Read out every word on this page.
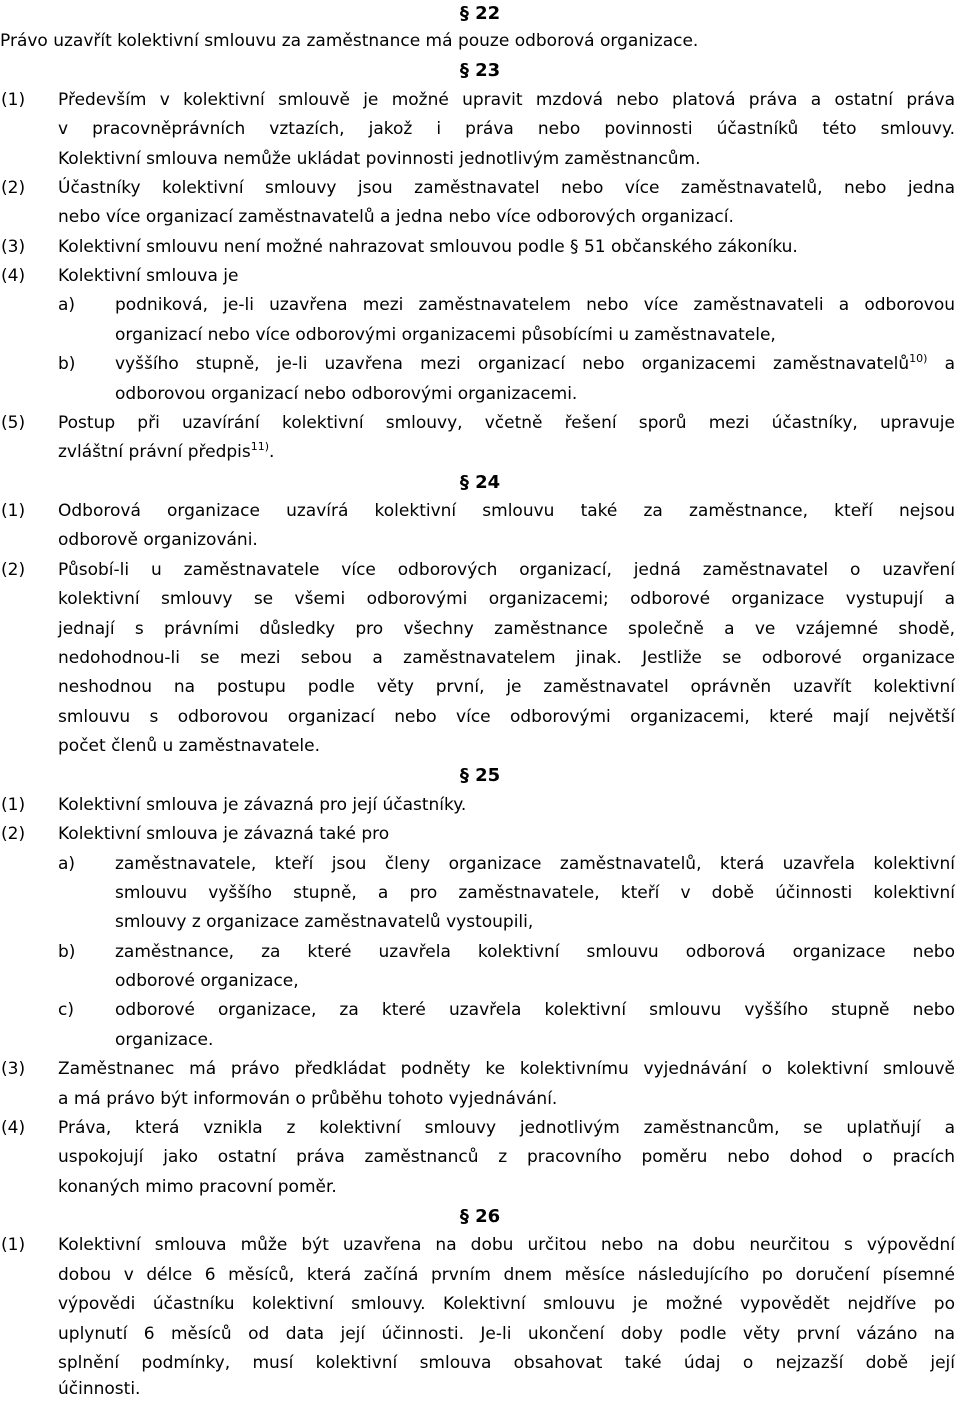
§ 22
Právo uzavřít kolektivní smlouvu za zaměstnance má pouze odborová organizace.
§ 23
(1) Především v kolektivní smlouvě je možné upravit mzdová nebo platová práva a ostatní práva
v pracovněprávních vztazích, jakož i práva nebo povinnosti účastníků této smlouvy.
Kolektivní smlouva nemůže ukládat povinnosti jednotlivým zaměstnancům.
(2) Účastníky kolektivní smlouvy jsou zaměstnavatel nebo více zaměstnavatelů, nebo jedna
nebo více organizací zaměstnavatelů a jedna nebo více odborových organizací.
(3) Kolektivní smlouvu není možné nahrazovat smlouvou podle § 51 občanského zákoníku.
(4) Kolektivní smlouva je
a) podniková, je-li uzavřena mezi zaměstnavatelem nebo více zaměstnavateli a odborovou
organizací nebo více odborovými organizacemi působícími u zaměstnavatele,
b) vyššího stupně, je-li uzavřena mezi organizací nebo organizacemi zaměstnavatelů$^{10)}$ a
odborovou organizací nebo odborovými organizacemi.
(5) Postup při uzavírání kolektivní smlouvy, včetně řešení sporů mezi účastníky, upravuje
zvláštní právní předpis$^{11)}$.
§ 24
(1) Odborová organizace uzavírá kolektivní smlouvu také za zaměstnance, kteří nejsou
odborově organizováni.
(2) Působí-li u zaměstnavatele více odborových organizací, jedná zaměstnavatel o uzavření
kolektivní smlouvy se všemi odborovými organizacemi; odborové organizace vystupují a
jednají s právními důsledky pro všechny zaměstnance společně a ve vzájemné shodě,
nedohodnou-li se mezi sebou a zaměstnavatelem jinak. Jestliže se odborové organizace
neshodnou na postupu podle věty první, je zaměstnavatel oprávněn uzavřít kolektivní
smlouvu s odborovou organizací nebo více odborovými organizacemi, které mají největší
počet členů u zaměstnavatele.
§ 25
(1) Kolektivní smlouva je závazná pro její účastníky.
(2) Kolektivní smlouva je závazná také pro
a) zaměstnavatele, kteří jsou členy organizace zaměstnavatelů, která uzavřela kolektivní
smlouvu vyššího stupně, a pro zaměstnavatele, kteří v době účinnosti kolektivní
smlouvy z organizace zaměstnavatelů vystoupili,
b) zaměstnance, za které uzavřela kolektivní smlouvu odborová organizace nebo
odborové organizace,
c) odborové organizace, za které uzavřela kolektivní smlouvu vyššího stupně nebo
organizace.
(3) Zaměstnanec má právo předkládat podněty ke kolektivnímu vyjednávání o kolektivní smlouvě
a má právo být informován o průběhu tohoto vyjednávání.
(4) Práva, která vznikla z kolektivní smlouvy jednotlivým zaměstnancům, se uplatňují a
uspokojují jako ostatní práva zaměstnanců z pracovního poměru nebo dohod o pracích
konaných mimo pracovní poměr.
§ 26
(1) Kolektivní smlouva může být uzavřena na dobu určitou nebo na dobu neurčitou s výpovědní
dobou v délce 6 měsíců, která začíná prvním dnem měsíce následujícího po doručení písemné
výpovědi účastníku kolektivní smlouvy. Kolektivní smlouvu je možné vypovědět nejdříve po
uplynutí 6 měsíců od data její účinnosti. Je-li ukončení doby podle věty první vázáno na
splnění podmínky, musí kolektivní smlouva obsahovat také údaj o nejzazší době její
účinnosti.
